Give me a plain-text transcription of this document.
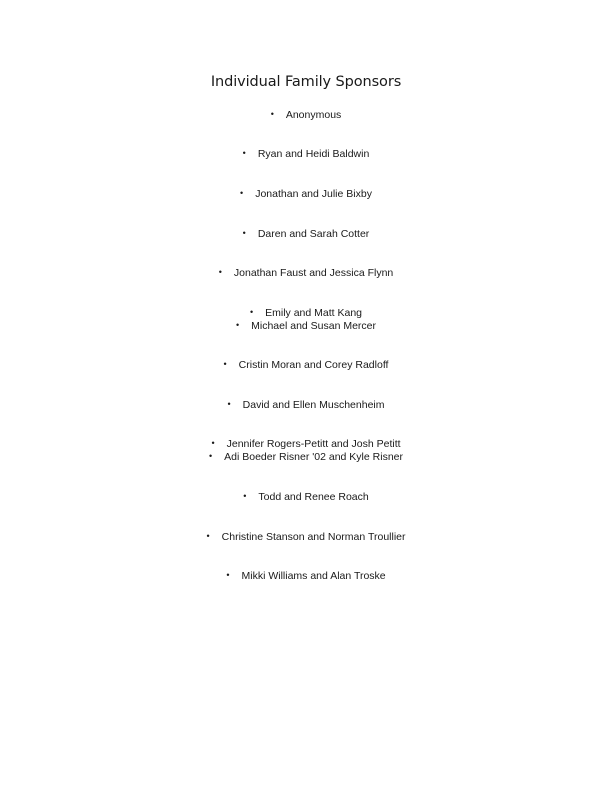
Individual Family Sponsors
• Anonymous
• Ryan and Heidi Baldwin
• Jonathan and Julie Bixby
• Daren and Sarah Cotter
• Jonathan Faust and Jessica Flynn
• Emily and Matt Kang
• Michael and Susan Mercer
• Cristin Moran and Corey Radloff
• David and Ellen Muschenheim
• Jennifer Rogers-Petitt and Josh Petitt
• Adi Boeder Risner '02 and Kyle Risner
• Todd and Renee Roach
• Christine Stanson and Norman Troullier
• Mikki Williams and Alan Troske
